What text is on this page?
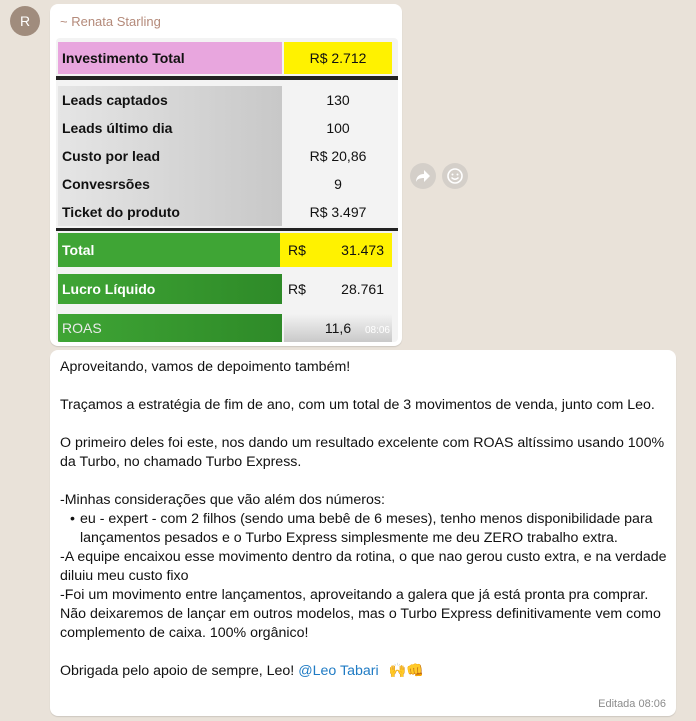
R ~ Renata Starling
Investimento Total	R$ 2.712
Leads captados	130
Leads último dia	100
Custo por lead	R$ 20,86
Convesrsões	9
Ticket do produto	R$ 3.497
Total	R$	31.473
Lucro Líquido	R$	28.761
ROAS	11,6	08:06

Aproveitando, vamos de depoimento também!

Traçamos a estratégia de fim de ano, com um total de 3 movimentos de venda, junto com Leo.

O primeiro deles foi este, nos dando um resultado excelente com ROAS altíssimo usando 100% da Turbo, no chamado Turbo Express.

-Minhas considerações que vão além dos números:

• eu - expert - com 2 filhos (sendo uma bebê de 6 meses), tenho menos disponibilidade para lançamentos pesados e o Turbo Express simplesmente me deu ZERO trabalho extra.

-A equipe encaixou esse movimento dentro da rotina, o que nao gerou custo extra, e na verdade diluiu meu custo fixo

-Foi um movimento entre lançamentos, aproveitando a galera que já está pronta pra comprar. Não deixaremos de lançar em outros modelos, mas o Turbo Express definitivamente vem como complemento de caixa. 100% orgânico!

Obrigada pelo apoio de sempre, Leo! @Leo Tabari 🙌👊

Editada 08:06
